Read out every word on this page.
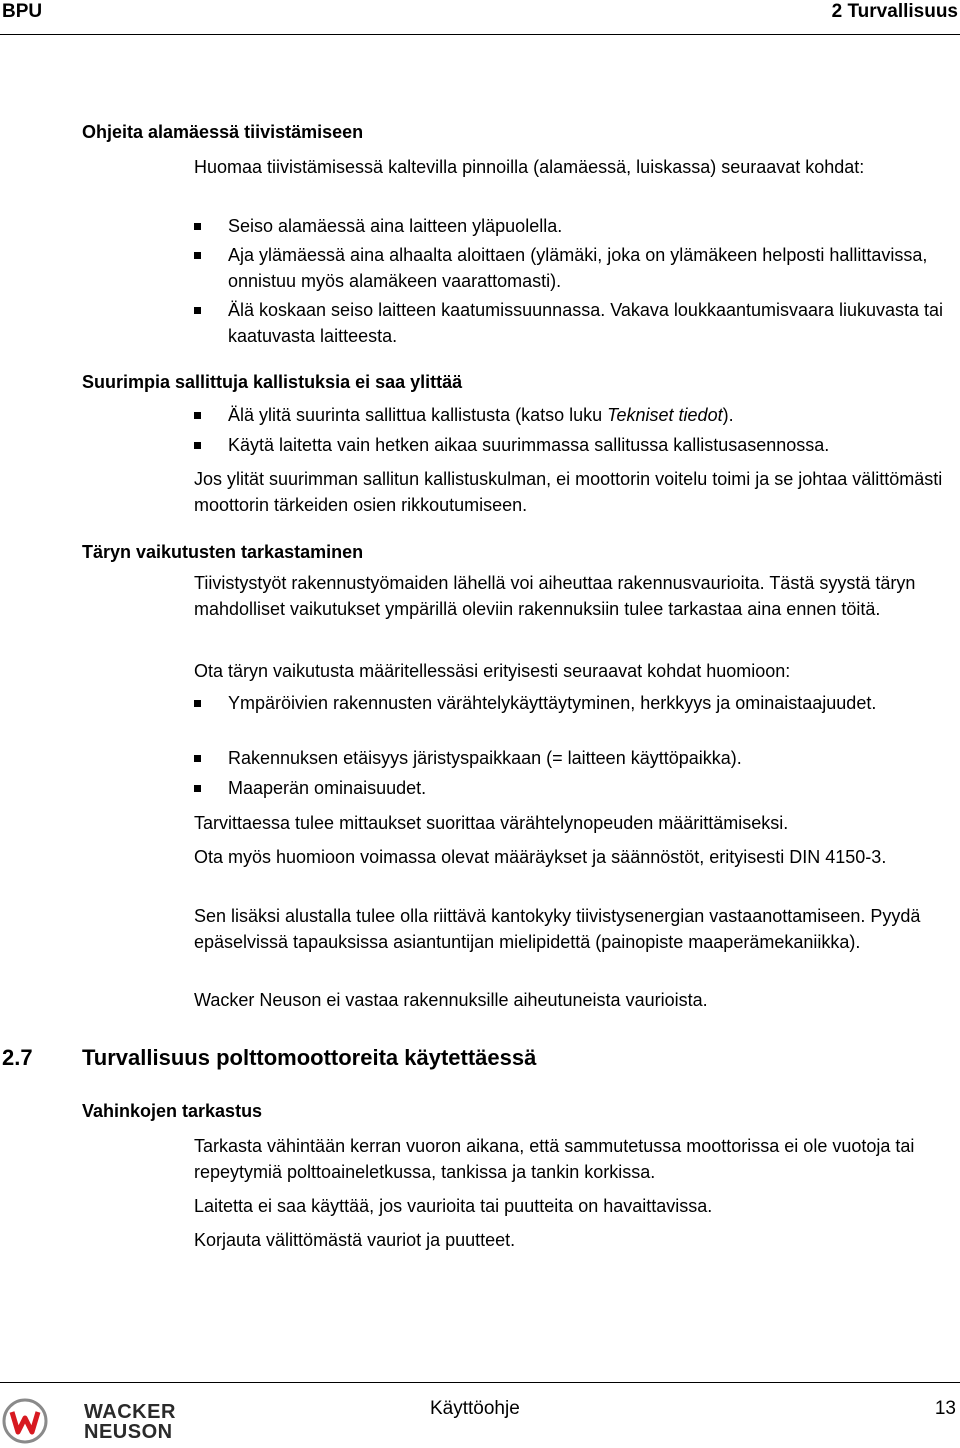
BPU	2 Turvallisuus
Ohjeita alamäessä tiivistämiseen

Huomaa tiivistämisessä kaltevilla pinnoilla (alamäessä, luiskassa) seuraavat kohdat:

Seiso alamäessä aina laitteen yläpuolella.
Aja ylämäessä aina alhaalta aloittaen (ylämäki, joka on ylämäkeen helposti hallittavissa, onnistuu myös alamäkeen vaarattomasti).
Älä koskaan seiso laitteen kaatumissuunnassa. Vakava loukkaantumisvaara liukuvasta tai kaatuvasta laitteesta.
Suurimpia sallittuja kallistuksia ei saa ylittää
Älä ylitä suurinta sallittua kallistusta (katso luku Tekniset tiedot).
Käytä laitetta vain hetken aikaa suurimmassa sallitussa kallistusasennossa.

Jos ylität suurimman sallitun kallistuskulman, ei moottorin voitelu toimi ja se johtaa välittömästi moottorin tärkeiden osien rikkoutumiseen.

Täryn vaikutusten tarkastaminen

Tiivistystyöt rakennustyömaiden lähellä voi aiheuttaa rakennusvaurioita. Tästä syystä täryn mahdolliset vaikutukset ympärillä oleviin rakennuksiin tulee tarkastaa aina ennen töitä.

Ota täryn vaikutusta määritellessäsi erityisesti seuraavat kohdat huomioon:

Ympäröivien rakennusten värähtelykäyttäytyminen, herkkyys ja ominaistaajuudet.
Rakennuksen etäisyys järistyspaikkaan (= laitteen käyttöpaikka).
Maaperän ominaisuudet.

Tarvittaessa tulee mittaukset suorittaa värähtelynopeuden määrittämiseksi.

Ota myös huomioon voimassa olevat määräykset ja säännöstöt, erityisesti DIN 4150-3.

Sen lisäksi alustalla tulee olla riittävä kantokyky tiivistysenergian vastaanottamiseen. Pyydä epäselvissä tapauksissa asiantuntijan mielipidettä (painopiste maaperämekaniikka).

Wacker Neuson ei vastaa rakennuksille aiheutuneista vaurioista.

2.7 Turvallisuus polttomoottoreita käytettäessä
Vahinkojen tarkastus

Tarkasta vähintään kerran vuoron aikana, että sammutetussa moottorissa ei ole vuotoja tai repeytymiä polttoaineletkussa, tankissa ja tankin korkissa.

Laitetta ei saa käyttää, jos vaurioita tai puutteita on havaittavissa.

Korjauta välittömästä vauriot ja puutteet.

WACKER
NEUSON
Käyttöohje	13
